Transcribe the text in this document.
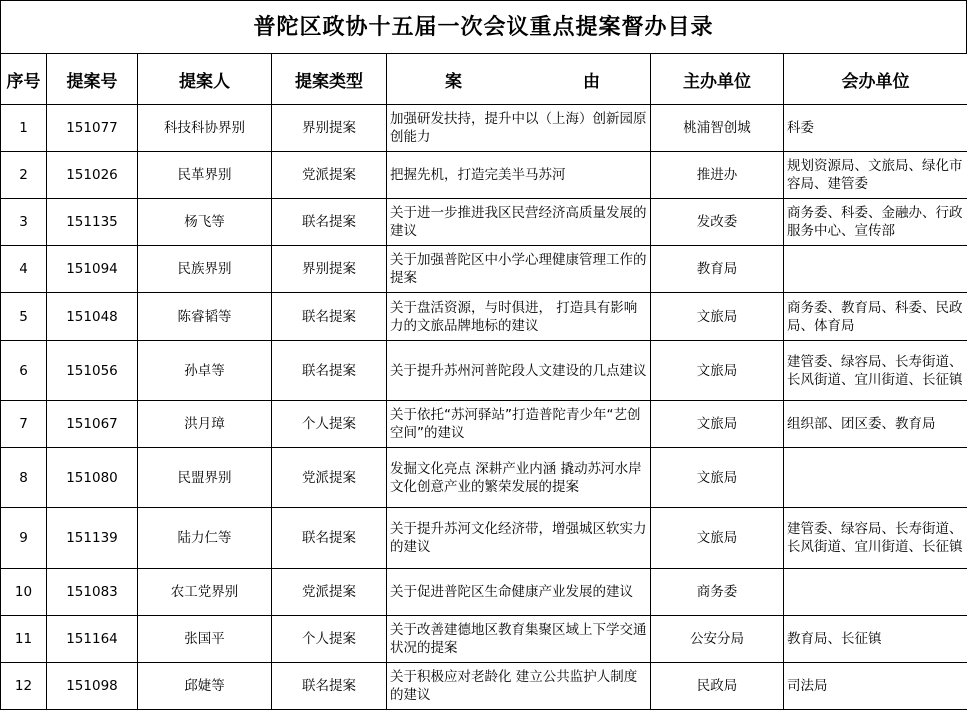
普陀区政协十五届一次会议重点提案督办目录
序号	提案号	提案人	提案类型	案 由	主办单位	会办单位
1	151077	科技科协界别	界别提案	加强研发扶持，提升中以（上海）创新园原创能力	桃浦智创城	科委
2	151026	民革界别	党派提案	把握先机，打造完美半马苏河	推进办	规划资源局、文旅局、绿化市容局、建管委
3	151135	杨飞等	联名提案	关于进一步推进我区民营经济高质量发展的建议	发改委	商务委、科委、金融办、行政服务中心、宣传部
4	151094	民族界别	界别提案	关于加强普陀区中小学心理健康管理工作的提案	教育局	
5	151048	陈睿韬等	联名提案	关于盘活资源，与时俱进， 打造具有影响力的文旅品牌地标的建议	文旅局	商务委、教育局、科委、民政局、体育局
6	151056	孙卓等	联名提案	关于提升苏州河普陀段人文建设的几点建议	文旅局	建管委、绿容局、长寿街道、长风街道、宜川街道、长征镇
7	151067	洪月璋	个人提案	关于依托“苏河驿站”打造普陀青少年“艺创空间”的建议	文旅局	组织部、团区委、教育局
8	151080	民盟界别	党派提案	发掘文化亮点 深耕产业内涵 撬动苏河水岸文化创意产业的繁荣发展的提案	文旅局	
9	151139	陆力仁等	联名提案	关于提升苏河文化经济带，增强城区软实力的建议	文旅局	建管委、绿容局、长寿街道、长风街道、宜川街道、长征镇
10	151083	农工党界别	党派提案	关于促进普陀区生命健康产业发展的建议	商务委	
11	151164	张国平	个人提案	关于改善建德地区教育集聚区域上下学交通状况的提案	公安分局	教育局、长征镇
12	151098	邱婕等	联名提案	关于积极应对老龄化 建立公共监护人制度的建议	民政局	司法局
